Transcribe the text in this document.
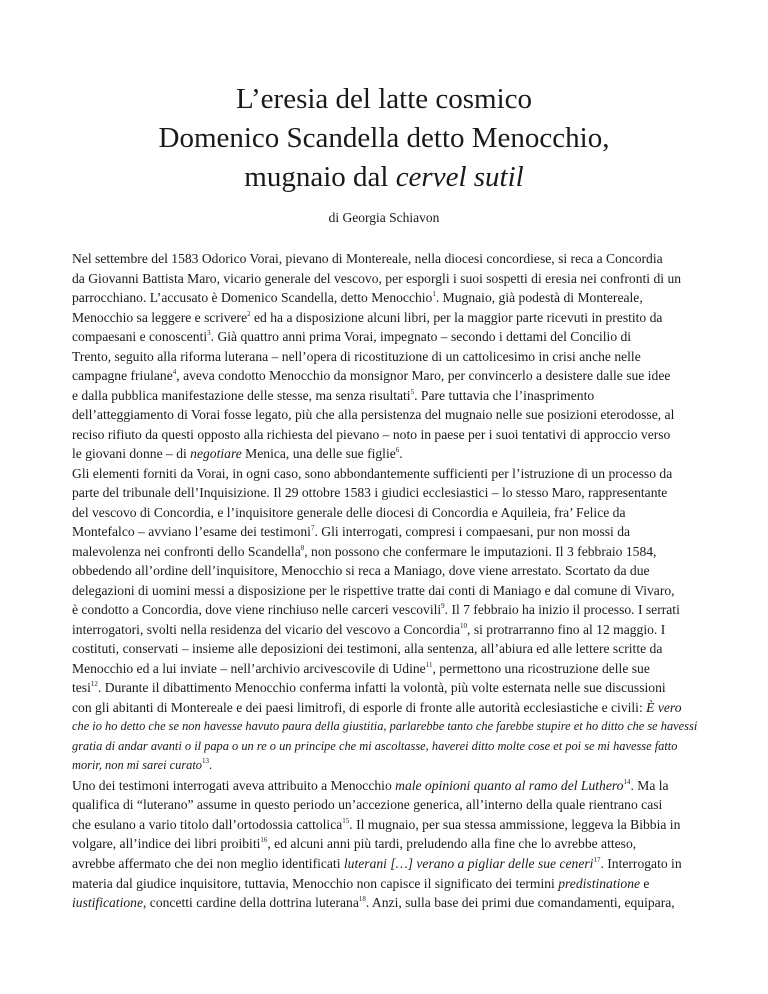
L’eresia del latte cosmico
Domenico Scandella detto Menocchio,
mugnaio dal cervel sutil
di Georgia Schiavon
Nel settembre del 1583 Odorico Vorai, pievano di Montereale, nella diocesi concordiese, si reca a Concordia
da Giovanni Battista Maro, vicario generale del vescovo, per esporgli i suoi sospetti di eresia nei confronti di un
parrocchiano. L’accusato è Domenico Scandella, detto Menocchio$^1$. Mugnaio, già podestà di Montereale,
Menocchio sa leggere e scrivere$^2$ ed ha a disposizione alcuni libri, per la maggior parte ricevuti in prestito da
compaesani e conoscenti$^3$. Già quattro anni prima Vorai, impegnato – secondo i dettami del Concilio di
Trento, seguito alla riforma luterana – nell’opera di ricostituzione di un cattolicesimo in crisi anche nelle
campagne friulane$^4$, aveva condotto Menocchio da monsignor Maro, per convincerlo a desistere dalle sue idee
e dalla pubblica manifestazione delle stesse, ma senza risultati$^5$. Pare tuttavia che l’inasprimento
dell’atteggiamento di Vorai fosse legato, più che alla persistenza del mugnaio nelle sue posizioni eterodosse, al
reciso rifiuto da questi opposto alla richiesta del pievano – noto in paese per i suoi tentativi di approccio verso
le giovani donne – di negotiare Menica, una delle sue figlie$^6$.
Gli elementi forniti da Vorai, in ogni caso, sono abbondantemente sufficienti per l’istruzione di un processo da
parte del tribunale dell’Inquisizione. Il 29 ottobre 1583 i giudici ecclesiastici – lo stesso Maro, rappresentante
del vescovo di Concordia, e l’inquisitore generale delle diocesi di Concordia e Aquileia, fra’ Felice da
Montefalco – avviano l’esame dei testimoni$^7$. Gli interrogati, compresi i compaesani, pur non mossi da
malevolenza nei confronti dello Scandella$^8$, non possono che confermare le imputazioni. Il 3 febbraio 1584,
obbedendo all’ordine dell’inquisitore, Menocchio si reca a Maniago, dove viene arrestato. Scortato da due
delegazioni di uomini messi a disposizione per le rispettive tratte dai conti di Maniago e dal comune di Vivaro,
è condotto a Concordia, dove viene rinchiuso nelle carceri vescovili$^9$. Il 7 febbraio ha inizio il processo. I serrati
interrogatori, svolti nella residenza del vicario del vescovo a Concordia$^{10}$, si protrarranno fino al 12 maggio. I
costituti, conservati – insieme alle deposizioni dei testimoni, alla sentenza, all’abiura ed alle lettere scritte da
Menocchio ed a lui inviate – nell’archivio arcivescovile di Udine$^{11}$, permettono una ricostruzione delle sue
tesi$^{12}$. Durante il dibattimento Menocchio conferma infatti la volontà, più volte esternata nelle sue discussioni
con gli abitanti di Montereale e dei paesi limitrofi, di esporle di fronte alle autorità ecclesiastiche e civili: È vero
che io ho detto che se non havesse havuto paura della giustitia, parlarebbe tanto che farebbe stupire et ho ditto che se havessi
gratia di andar avanti o il papa o un re o un principe che mi ascoltasse, haverei ditto molte cose et poi se mi havesse fatto
morir, non mi sarei curato$^{13}$.
Uno dei testimoni interrogati aveva attribuito a Menocchio male opinioni quanto al ramo del Luthero$^{14}$. Ma la
qualifica di “luterano” assume in questo periodo un’accezione generica, all’interno della quale rientrano casi
che esulano a vario titolo dall’ortodossia cattolica$^{15}$. Il mugnaio, per sua stessa ammissione, leggeva la Bibbia in
volgare, all’indice dei libri proibiti$^{16}$, ed alcuni anni più tardi, preludendo alla fine che lo avrebbe atteso,
avrebbe affermato che dei non meglio identificati luterani […] verano a pigliar delle sue ceneri$^{17}$. Interrogato in
materia dal giudice inquisitore, tuttavia, Menocchio non capisce il significato dei termini predistinatione e
iustificatione, concetti cardine della dottrina luterana$^{18}$. Anzi, sulla base dei primi due comandamenti, equipara,
